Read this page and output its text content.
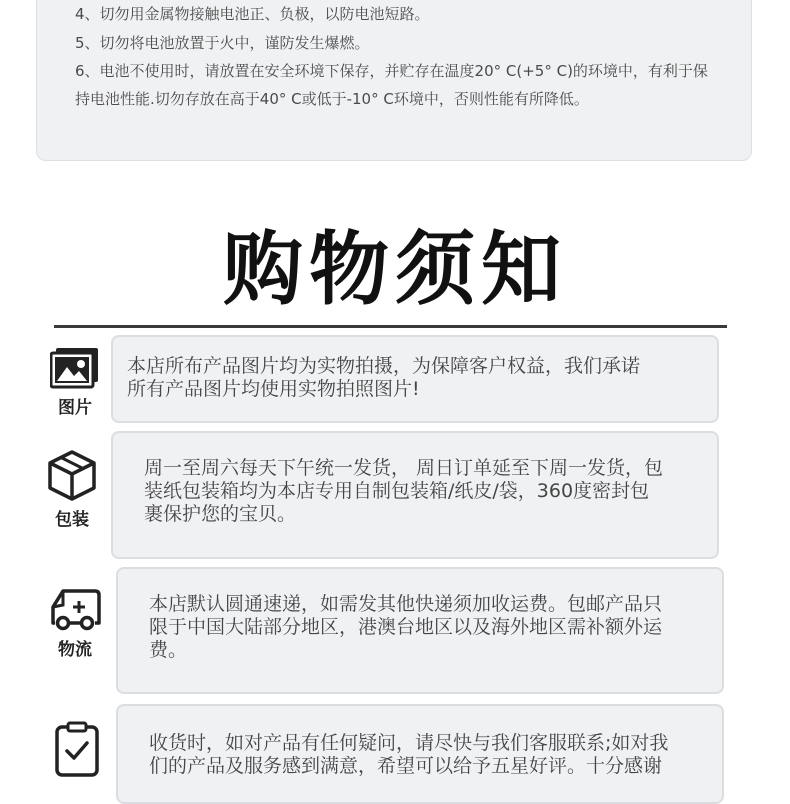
4、切勿用金属物接触电池正、负极，以防电池短路。
5、切勿将电池放置于火中，谨防发生爆燃。
6、电池不使用时，请放置在安全环境下保存，并贮存在温度20° C(+5° C)的环境中，有利于保
持电池性能.切勿存放在高于40° C或低于-10° C环境中，否则性能有所降低。
购物须知
图片
本店所布产品图片均为实物拍摄，为保障客户权益，我们承诺
所有产品图片均使用实物拍照图片!
包装
周一至周六每天下午统一发货， 周日订单延至下周一发货，包
装纸包装箱均为本店专用自制包装箱/纸皮/袋，360度密封包
裹保护您的宝贝。
物流
本店默认圆通速递，如需发其他快递须加收运费。包邮产品只
限于中国大陆部分地区，港澳台地区以及海外地区需补额外运
费。
收货时，如对产品有任何疑问，请尽快与我们客服联系;如对我
们的产品及服务感到满意，希望可以给予五星好评。十分感谢
